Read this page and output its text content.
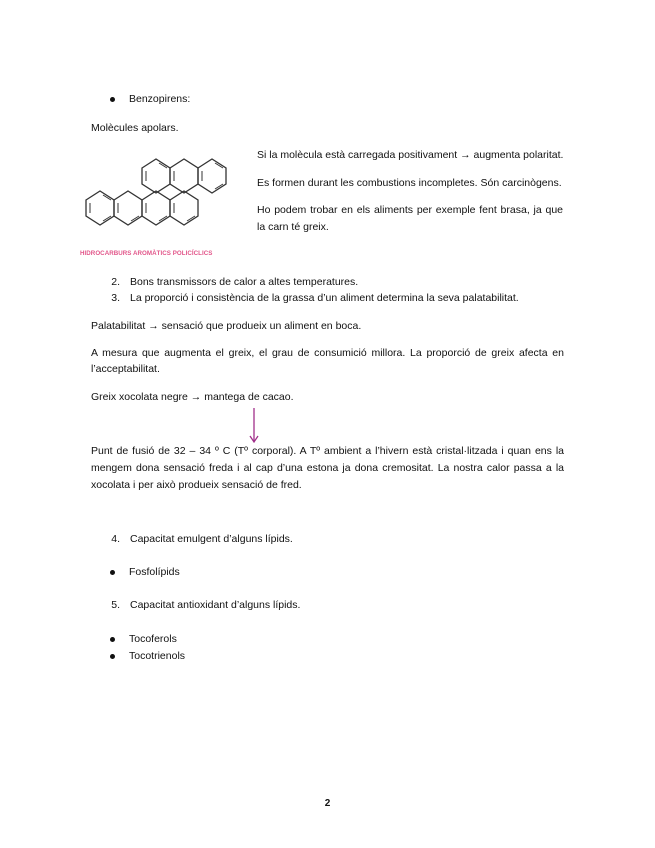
Benzopirens:
Molècules apolars.
HIDROCARBURS AROMÀTICS POLICÍCLICS
Si la molècula està carregada positivament → augmenta polaritat.
Es formen durant les combustions incompletes. Són carcinògens.
Ho podem trobar en els aliments per exemple fent brasa, ja que
la carn té greix.
2. Bons transmissors de calor a altes temperatures.
3. La proporció i consistència de la grassa d’un aliment determina la seva palatabilitat.
Palatabilitat → sensació que produeix un aliment en boca.
A mesura que augmenta el greix, el grau de consumició millora. La proporció de greix afecta en
l’acceptabilitat.
Greix xocolata negre → mantega de cacao.
Punt de fusió de 32 – 34 º C (Tº corporal). A Tº ambient a l’hivern està cristal·litzada i quan ens la
mengem dona sensació freda i al cap d’una estona ja dona cremositat. La nostra calor passa a la
xocolata i per això produeix sensació de fred.
4. Capacitat emulgent d’alguns lípids.
Fosfolípids
5. Capacitat antioxidant d’alguns lípids.
Tocoferols
Tocotrienols
2
